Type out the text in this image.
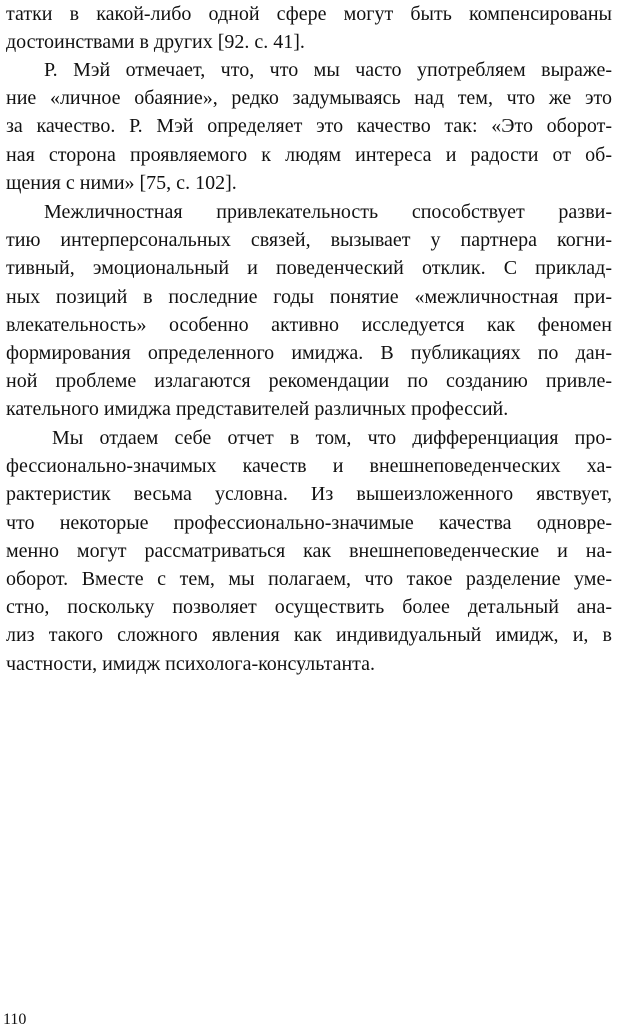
татки в какой-либо одной сфере могут быть компенсированы
достоинствами в других [92. с. 41].
Р. Мэй отмечает, что, что мы часто употребляем выраже-
ние «личное обаяние», редко задумываясь над тем, что же это
за качество. Р. Мэй определяет это качество так: «Это оборот-
ная сторона проявляемого к людям интереса и радости от об-
щения с ними» [75, с. 102].
Межличностная привлекательность способствует разви-
тию интерперсональных связей, вызывает у партнера когни-
тивный, эмоциональный и поведенческий отклик. С приклад-
ных позиций в последние годы понятие «межличностная при-
влекательность» особенно активно исследуется как феномен
формирования определенного имиджа. В публикациях по дан-
ной проблеме излагаются рекомендации по созданию привле-
кательного имиджа представителей различных профессий.
Мы отдаем себе отчет в том, что дифференциация про-
фессионально-значимых качеств и внешнеповеденческих ха-
рактеристик весьма условна. Из вышеизложенного явствует,
что некоторые профессионально-значимые качества одновре-
менно могут рассматриваться как внешнеповеденческие и на-
оборот. Вместе с тем, мы полагаем, что такое разделение уме-
стно, поскольку позволяет осуществить более детальный ана-
лиз такого сложного явления как индивидуальный имидж, и, в
частности, имидж психолога-консультанта.
110
